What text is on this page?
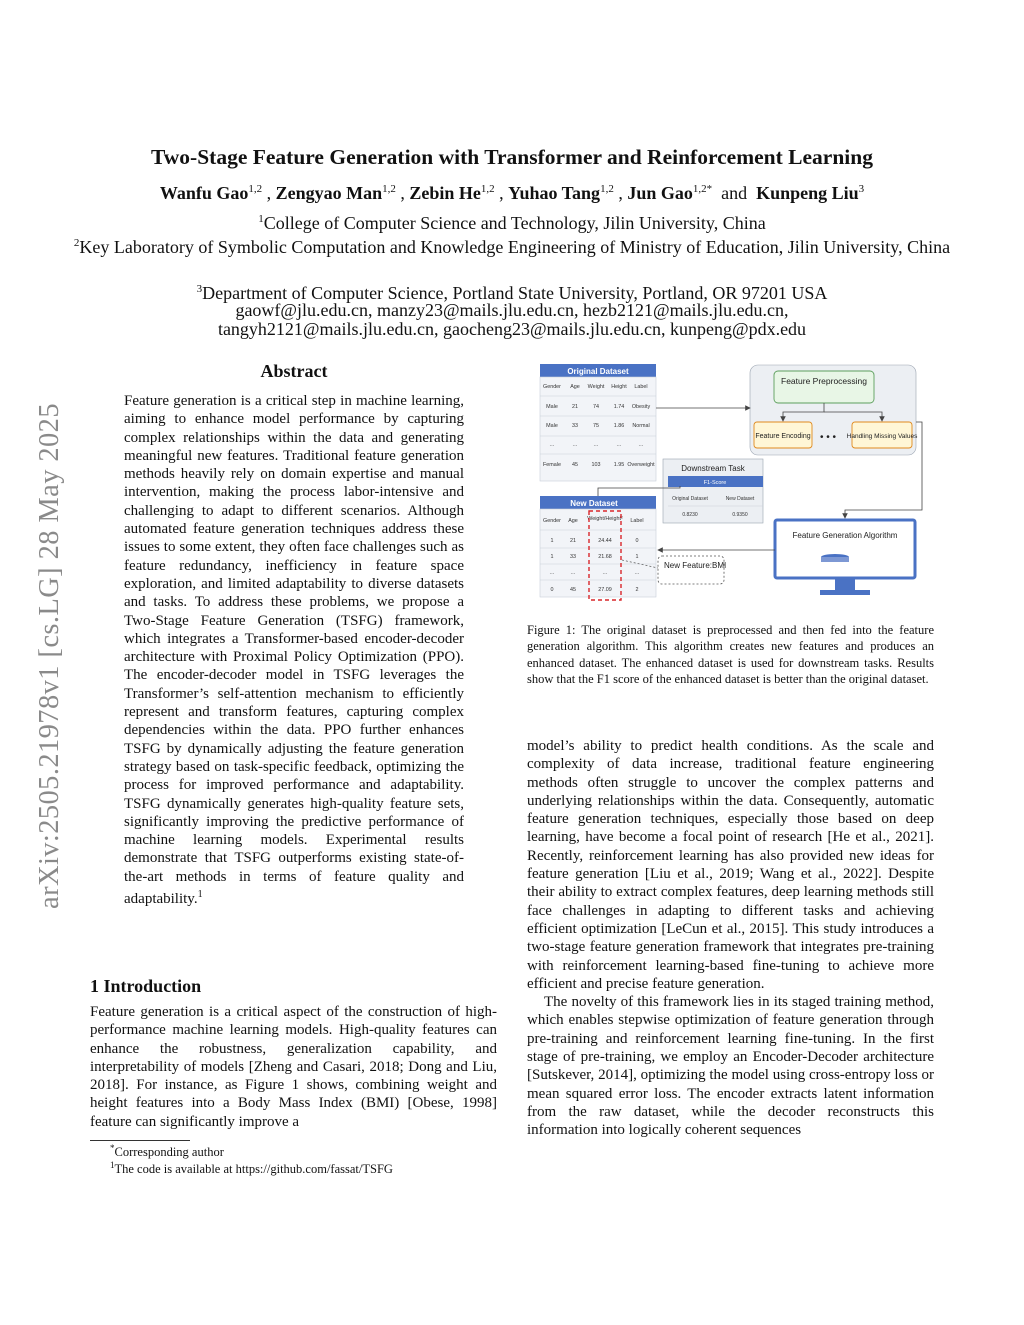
Two-Stage Feature Generation with Transformer and Reinforcement Learning
Wanfu Gao$^{1,2}$ , Zengyao Man$^{1,2}$ , Zebin He$^{1,2}$ , Yuhao Tang$^{1,2}$ , Jun Gao$^{1,2*}$  and  Kunpeng Liu$^3$
$^1$College of Computer Science and Technology, Jilin University, China
$^2$Key Laboratory of Symbolic Computation and Knowledge Engineering of Ministry of Education, Jilin University, China
$^3$Department of Computer Science, Portland State University, Portland, OR 97201 USA
gaowf@jlu.edu.cn, manzy23@mails.jlu.edu.cn, hezb2121@mails.jlu.edu.cn,
tangyh2121@mails.jlu.edu.cn, gaocheng23@mails.jlu.edu.cn, kunpeng@pdx.edu
arXiv:2505.21978v1 [cs.LG] 28 May 2025
Abstract
Feature generation is a critical step in machine learning, aiming to enhance model performance by capturing complex relationships within the data and generating meaningful new features. Traditional feature generation methods heavily rely on domain expertise and manual intervention, making the process labor-intensive and challenging to adapt to different scenarios. Although automated feature generation techniques address these issues to some extent, they often face challenges such as feature redundancy, inefficiency in feature space exploration, and limited adaptability to diverse datasets and tasks. To address these problems, we propose a Two-Stage Feature Generation (TSFG) framework, which integrates a Transformer-based encoder-decoder architecture with Proximal Policy Optimization (PPO). The encoder-decoder model in TSFG leverages the Transformer’s self-attention mechanism to efficiently represent and transform features, capturing complex dependencies within the data. PPO further enhances TSFG by dynamically adjusting the feature generation strategy based on task-specific feedback, optimizing the process for improved performance and adaptability. TSFG dynamically generates high-quality feature sets, significantly improving the predictive performance of machine learning models. Experimental results demonstrate that TSFG outperforms existing state-of-the-art methods in terms of feature quality and adaptability.$^1$
1 Introduction
Feature generation is a critical aspect of the construction of high-performance machine learning models. High-quality features can enhance the robustness, generalization capability, and interpretability of models [Zheng and Casari, 2018; Dong and Liu, 2018]. For instance, as Figure 1 shows, combining weight and height features into a Body Mass Index (BMI) [Obese, 1998] feature can significantly improve a
*Corresponding author
$^1$The code is available at https://github.com/fassat/TSFG
Original Dataset
Gender Age Weight Height Label
Male	21	74	1.74 Obesity
Male	33	75	1.86 Normal
…	…	…	…	…
Female 45	103 1.95 Overweight
New Dataset
Gender Age Weight/Height² Label
1	21	24.44	0
1	33	21.68	1
…	…	…	…
0	45	27.09	2
Downstream Task
F1-Score
Original Dataset	New Dataset
0.8230	0.9350
Feature Preprocessing
Feature Encoding • • • Handling Missing Values
Feature Generation Algorithm
New Feature:BMI
Figure 1: The original dataset is preprocessed and then fed into the feature generation algorithm. This algorithm creates new features and produces an enhanced dataset. The enhanced dataset is used for downstream tasks. Results show that the F1 score of the enhanced dataset is better than the original dataset.

model’s ability to predict health conditions. As the scale and complexity of data increase, traditional feature engineering methods often struggle to uncover the complex patterns and underlying relationships within the data. Consequently, automatic feature generation techniques, especially those based on deep learning, have become a focal point of research [He et al., 2021]. Recently, reinforcement learning has also provided new ideas for feature generation [Liu et al., 2019; Wang et al., 2022]. Despite their ability to extract complex features, deep learning methods still face challenges in adapting to different tasks and achieving efficient optimization [LeCun et al., 2015]. This study introduces a two-stage feature generation framework that integrates pre-training with reinforcement learning-based fine-tuning to achieve more efficient and precise feature generation.

The novelty of this framework lies in its staged training method, which enables stepwise optimization of feature generation through pre-training and reinforcement learning fine-tuning. In the first stage of pre-training, we employ an Encoder-Decoder architecture [Sutskever, 2014], optimizing the model using cross-entropy loss or mean squared error loss. The encoder extracts latent information from the raw dataset, while the decoder reconstructs this information into logically coherent sequences
